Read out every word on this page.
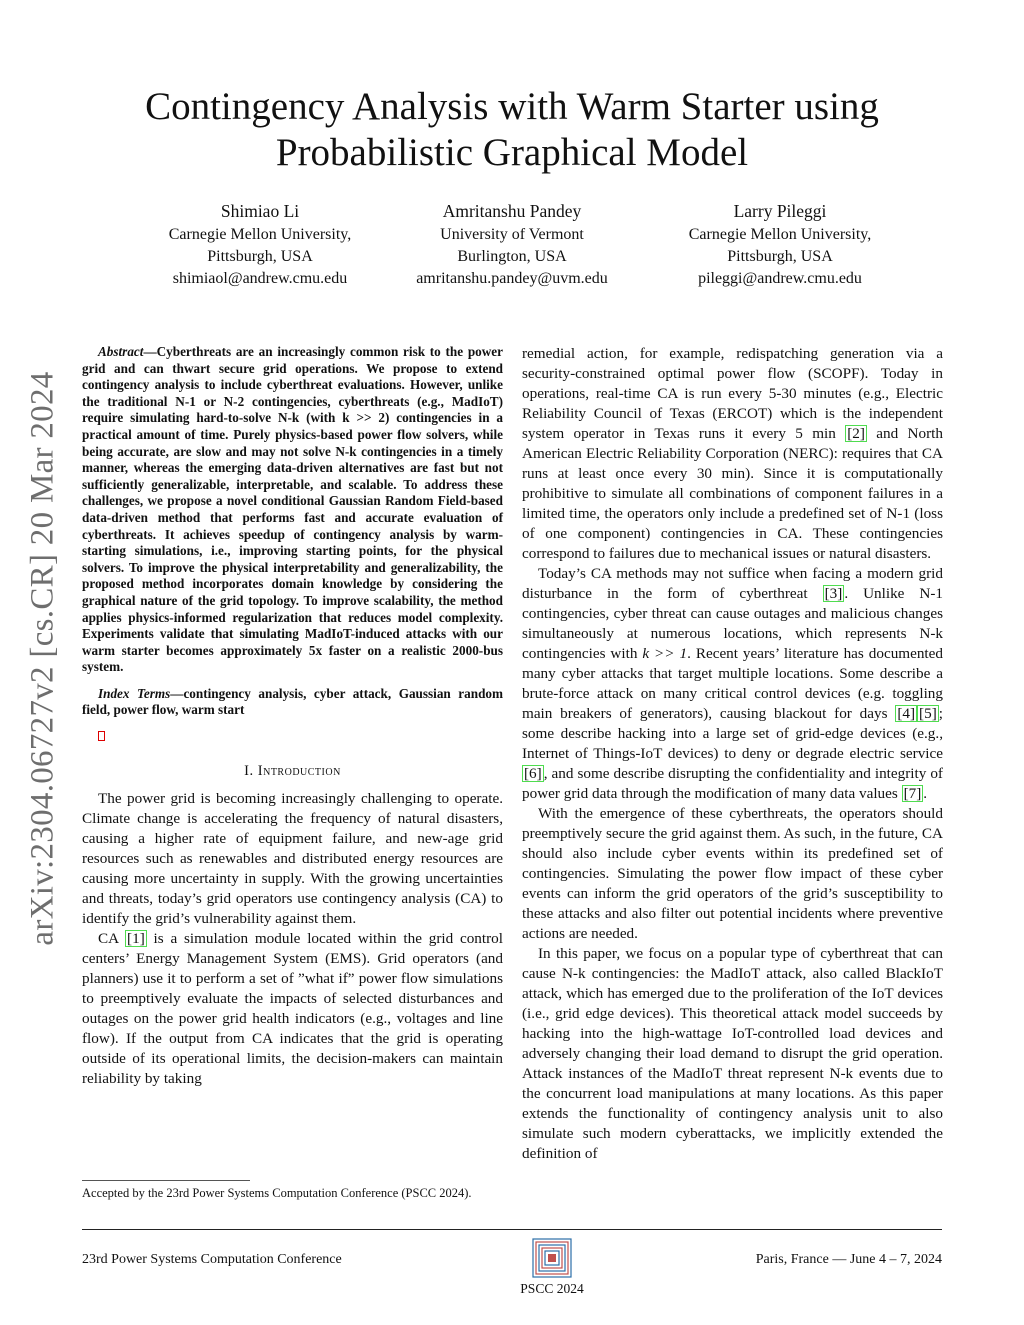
arXiv:2304.06727v2 [cs.CR] 20 Mar 2024
Contingency Analysis with Warm Starter using Probabilistic Graphical Model
Shimiao Li
Carnegie Mellon University,
Pittsburgh, USA
shimiaol@andrew.cmu.edu
Amritanshu Pandey
University of Vermont
Burlington, USA
amritanshu.pandey@uvm.edu
Larry Pileggi
Carnegie Mellon University,
Pittsburgh, USA
pileggi@andrew.cmu.edu

Abstract—Cyberthreats are an increasingly common risk to the power grid and can thwart secure grid operations. We propose to extend contingency analysis to include cyberthreat evaluations. However, unlike the traditional N-1 or N-2 contingencies, cyberthreats (e.g., MadIoT) require simulating hard-to-solve N-k (with k >> 2) contingencies in a practical amount of time. Purely physics-based power flow solvers, while being accurate, are slow and may not solve N-k contingencies in a timely manner, whereas the emerging data-driven alternatives are fast but not sufficiently generalizable, interpretable, and scalable. To address these challenges, we propose a novel conditional Gaussian Random Field-based data-driven method that performs fast and accurate evaluation of cyberthreats. It achieves speedup of contingency analysis by warm-starting simulations, i.e., improving starting points, for the physical solvers. To improve the physical interpretability and generalizability, the proposed method incorporates domain knowledge by considering the graphical nature of the grid topology. To improve scalability, the method applies physics-informed regularization that reduces model complexity. Experiments validate that simulating MadIoT-induced attacks with our warm starter becomes approximately 5x faster on a realistic 2000-bus system.

Index Terms—contingency analysis, cyber attack, Gaussian random field, power flow, warm start

I. Introduction

The power grid is becoming increasingly challenging to operate. Climate change is accelerating the frequency of natural disasters, causing a higher rate of equipment failure, and new-age grid resources such as renewables and distributed energy resources are causing more uncertainty in supply. With the growing uncertainties and threats, today’s grid operators use contingency analysis (CA) to identify the grid’s vulnerability against them.

CA [1] is a simulation module located within the grid control centers’ Energy Management System (EMS). Grid operators (and planners) use it to perform a set of ”what if” power flow simulations to preemptively evaluate the impacts of selected disturbances and outages on the power grid health indicators (e.g., voltages and line flow). If the output from CA indicates that the grid is operating outside of its operational limits, the decision-makers can maintain reliability by taking

remedial action, for example, redispatching generation via a security-constrained optimal power flow (SCOPF). Today in operations, real-time CA is run every 5-30 minutes (e.g., Electric Reliability Council of Texas (ERCOT) which is the independent system operator in Texas runs it every 5 min [2] and North American Electric Reliability Corporation (NERC): requires that CA runs at least once every 30 min). Since it is computationally prohibitive to simulate all combinations of component failures in a limited time, the operators only include a predefined set of N-1 (loss of one component) contingencies in CA. These contingencies correspond to failures due to mechanical issues or natural disasters.

Today’s CA methods may not suffice when facing a modern grid disturbance in the form of cyberthreat [3] . Unlike N-1 contingencies, cyber threat can cause outages and malicious changes simultaneously at numerous locations, which represents N-k contingencies with k >> 1. Recent years’ literature has documented many cyber attacks that target multiple locations. Some describe a brute-force attack on many critical control devices (e.g. toggling main breakers of generators), causing blackout for days [4] [5] ; some describe hacking into a large set of grid-edge devices (e.g., Internet of Things-IoT devices) to deny or degrade electric service [6] , and some describe disrupting the confidentiality and integrity of power grid data through the modification of many data values [7] .

With the emergence of these cyberthreats, the operators should preemptively secure the grid against them. As such, in the future, CA should also include cyber events within its predefined set of contingencies. Simulating the power flow impact of these cyber events can inform the grid operators of the grid’s susceptibility to these attacks and also filter out potential incidents where preventive actions are needed.

In this paper, we focus on a popular type of cyberthreat that can cause N-k contingencies: the MadIoT attack, also called BlackIoT attack, which has emerged due to the proliferation of the IoT devices (i.e., grid edge devices). This theoretical attack model succeeds by hacking into the high-wattage IoT-controlled load devices and adversely changing their load demand to disrupt the grid operation. Attack instances of the MadIoT threat represent N-k events due to the concurrent load manipulations at many locations. As this paper extends the functionality of contingency analysis unit to also simulate such modern cyberattacks, we implicitly extended the definition of

Accepted by the 23rd Power Systems Computation Conference (PSCC 2024).
23rd Power Systems Computation Conference	Paris, France — June 4 – 7, 2024
PSCC 2024
